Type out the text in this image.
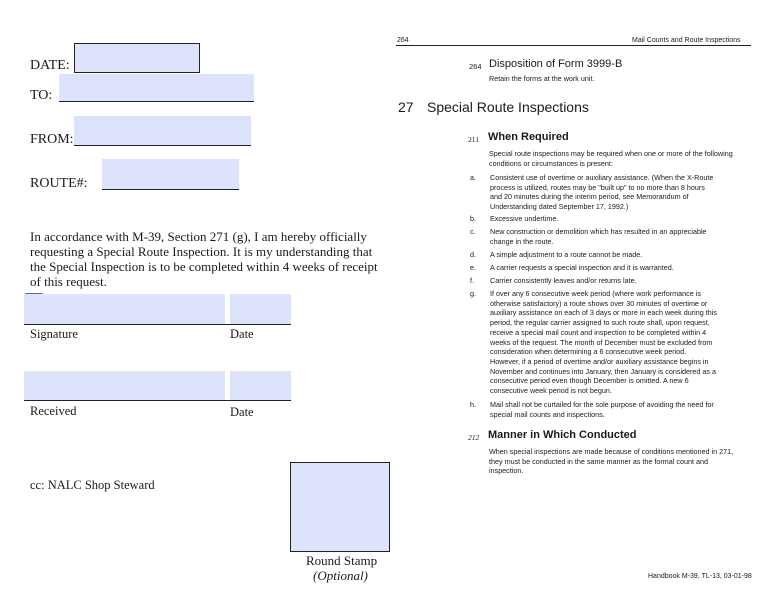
DATE:
TO:
FROM:
ROUTE#:
In accordance with M-39, Section 271 (g), I am hereby officially
requesting a Special Route Inspection. It is my understanding that
the Special Inspection is to be completed within 4 weeks of receipt
of this request.
Signature	Date
Received	Date
cc: NALC Shop Steward
Round Stamp
(Optional)
264	Mail Counts and Route Inspections
264 Disposition of Form 3999-B
Retain the forms at the work unit.
27 Special Route Inspections
211 When Required
Special route inspections may be required when one or more of the following
conditions or circumstances is present:
a. Consistent use of overtime or auxiliary assistance. (When the X-Route
process is utilized, routes may be "built up" to no more than 8 hours
and 20 minutes during the interim period, see Memorandum of
Understanding dated September 17, 1992.)
b. Excessive undertime.
c. New construction or demolition which has resulted in an appreciable
change in the route.
d. A simple adjustment to a route cannot be made.
e. A carrier requests a special inspection and it is warranted.
f. Carrier consistently leaves and/or returns late.
g. If over any 6 consecutive week period (where work performance is
otherwise satisfactory) a route shows over 30 minutes of overtime or
auxiliary assistance on each of 3 days or more in each week during this
period, the regular carrier assigned to such route shall, upon request,
receive a special mail count and inspection to be completed within 4
weeks of the request. The month of December must be excluded from
consideration when determining a 6 consecutive week period.
However, if a period of overtime and/or auxiliary assistance begins in
November and continues into January, then January is considered as a
consecutive period even though December is omitted. A new 6
consecutive week period is not begun.
h. Mail shall not be curtailed for the sole purpose of avoiding the need for
special mail counts and inspections.
212 Manner in Which Conducted
When special inspections are made because of conditions mentioned in 271,
they must be conducted in the same manner as the formal count and
inspection.
Handbook M-39, TL-13, 03-01-98
